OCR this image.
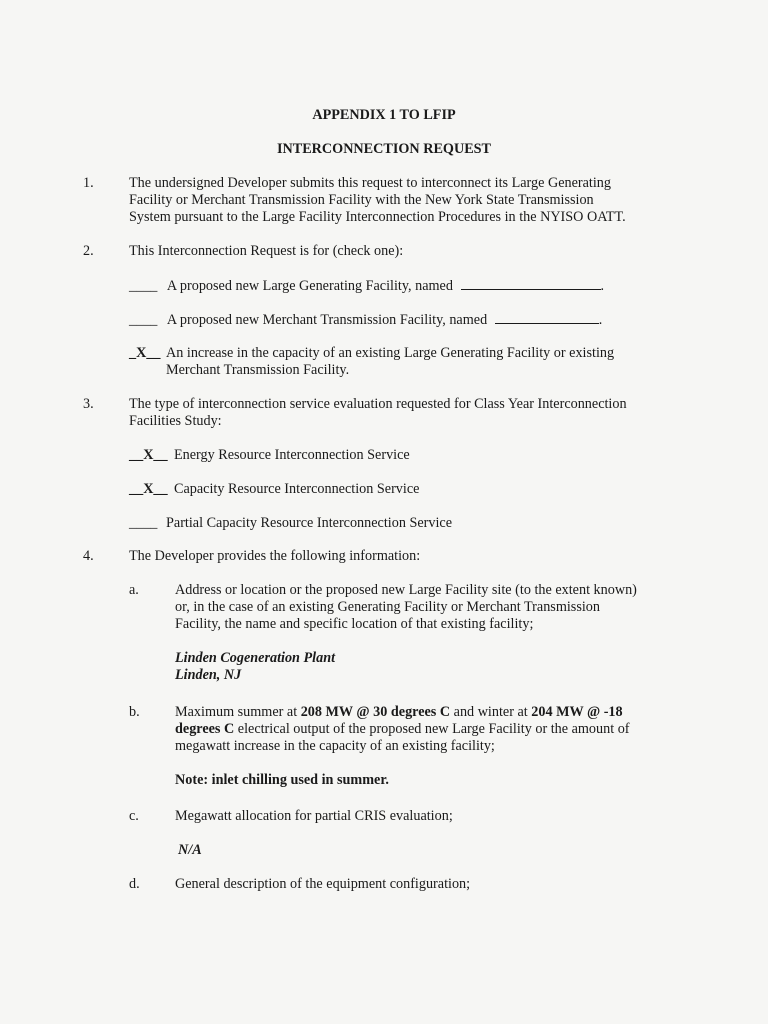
APPENDIX 1 TO LFIP
INTERCONNECTION REQUEST
1. The undersigned Developer submits this request to interconnect its Large Generating
Facility or Merchant Transmission Facility with the New York State Transmission
System pursuant to the Large Facility Interconnection Procedures in the NYISO OATT.
2. This Interconnection Request is for (check one):
____ A proposed new Large Generating Facility, named	.
____ A proposed new Merchant Transmission Facility, named	.
_X__ An increase in the capacity of an existing Large Generating Facility or existing
Merchant Transmission Facility.
3. The type of interconnection service evaluation requested for Class Year Interconnection
Facilities Study:
__X__ Energy Resource Interconnection Service
__X__ Capacity Resource Interconnection Service
____ Partial Capacity Resource Interconnection Service
4. The Developer provides the following information:
a.	Address or location or the proposed new Large Facility site (to the extent known)
or, in the case of an existing Generating Facility or Merchant Transmission
Facility, the name and specific location of that existing facility;
Linden Cogeneration Plant
Linden, NJ
b. Maximum summer at 208 MW @ 30 degrees C and winter at 204 MW @ -18
degrees C electrical output of the proposed new Large Facility or the amount of
megawatt increase in the capacity of an existing facility;
Note: inlet chilling used in summer.
c.	Megawatt allocation for partial CRIS evaluation;
N/A
d. General description of the equipment configuration;
